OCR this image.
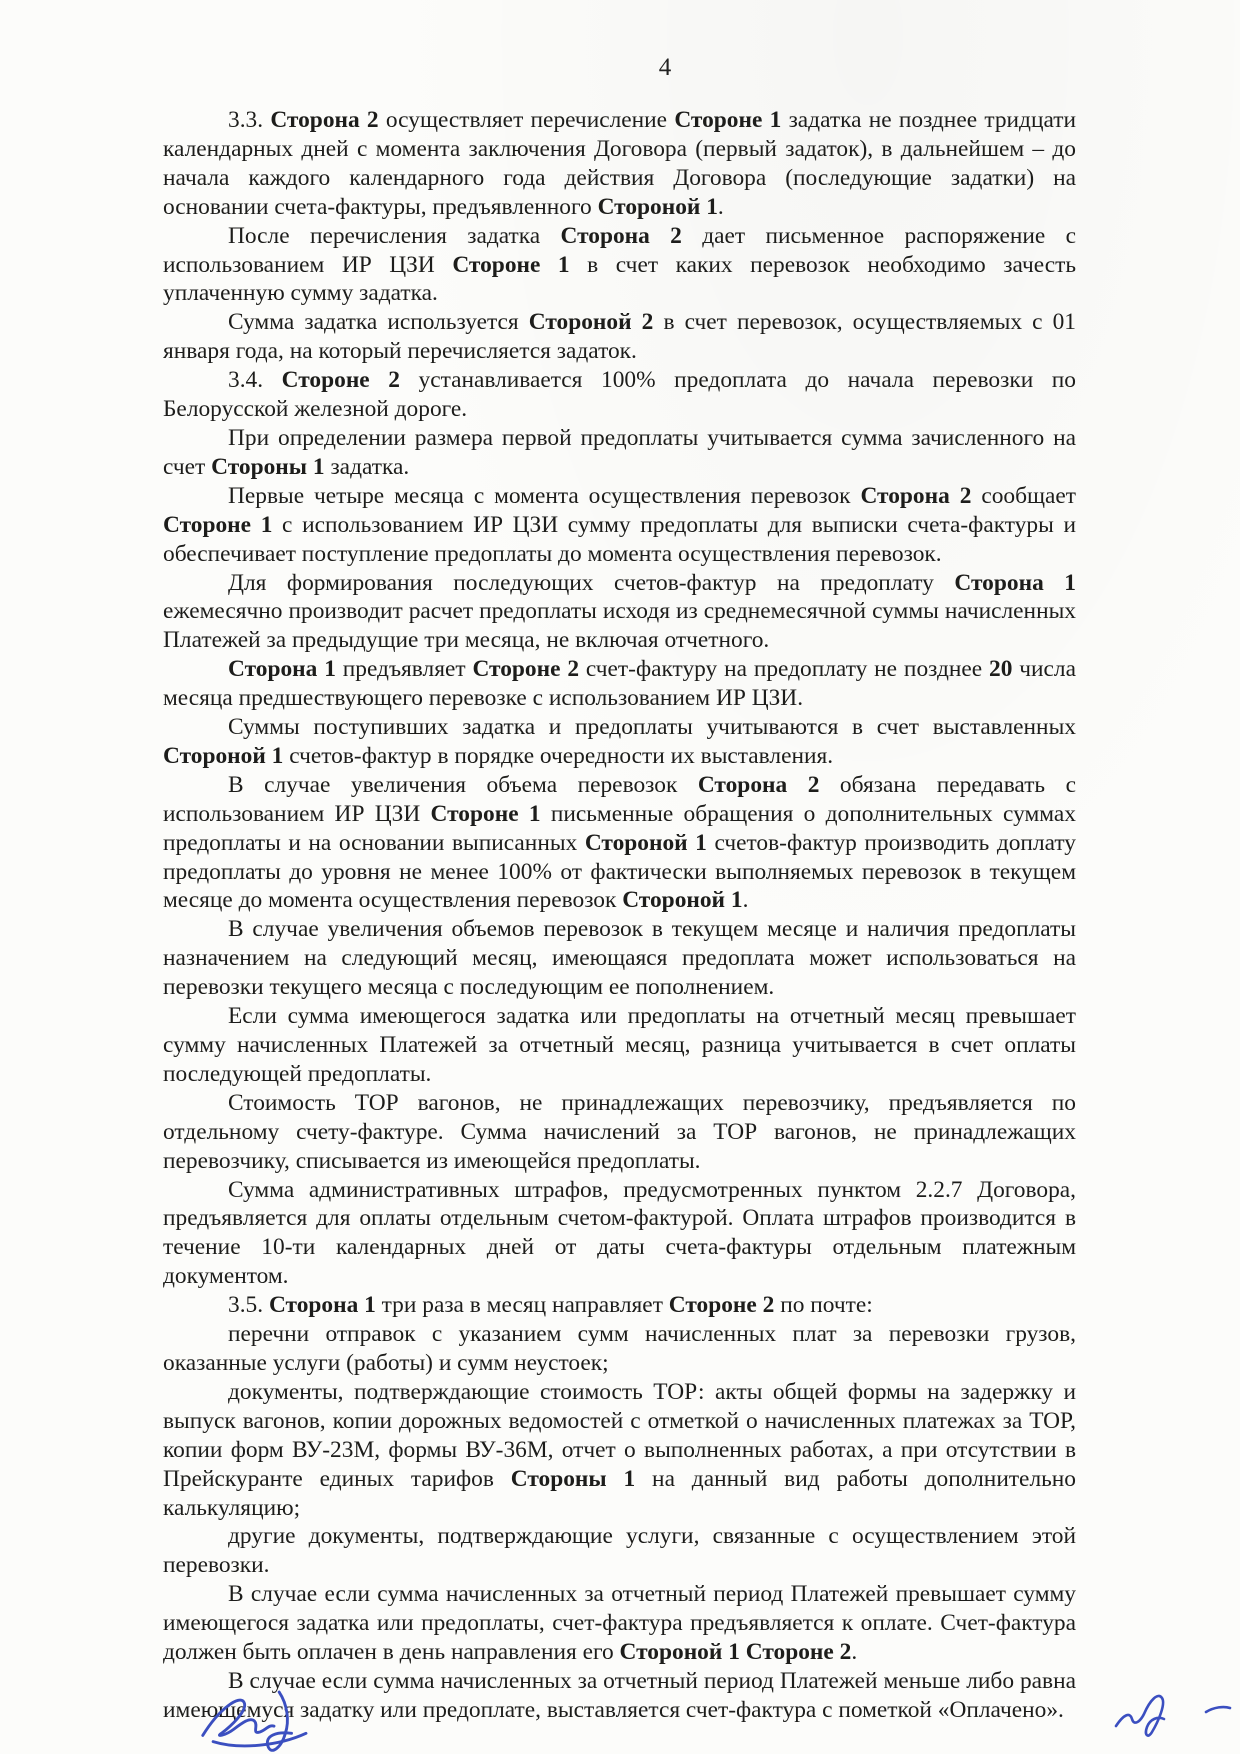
4

3.3. Сторона 2 осуществляет перечисление Стороне 1 задатка не позднее тридцати календарных дней с момента заключения Договора (первый задаток), в дальнейшем – до начала каждого календарного года действия Договора (последующие задатки) на основании счета-фактуры, предъявленного Стороной 1.

После перечисления задатка Сторона 2 дает письменное распоряжение с использованием ИР ЦЗИ Стороне 1 в счет каких перевозок необходимо зачесть уплаченную сумму задатка.

Сумма задатка используется Стороной 2 в счет перевозок, осуществляемых с 01 января года, на который перечисляется задаток.

3.4. Стороне 2 устанавливается 100% предоплата до начала перевозки по Белорусской железной дороге.

При определении размера первой предоплаты учитывается сумма зачисленного на счет Стороны 1 задатка.

Первые четыре месяца с момента осуществления перевозок Сторона 2 сообщает Стороне 1 с использованием ИР ЦЗИ сумму предоплаты для выписки счета-фактуры и обеспечивает поступление предоплаты до момента осуществления перевозок.

Для формирования последующих счетов-фактур на предоплату Сторона 1 ежемесячно производит расчет предоплаты исходя из среднемесячной суммы начисленных Платежей за предыдущие три месяца, не включая отчетного.

Сторона 1 предъявляет Стороне 2 счет-фактуру на предоплату не позднее 20 числа месяца предшествующего перевозке с использованием ИР ЦЗИ.

Суммы поступивших задатка и предоплаты учитываются в счет выставленных Стороной 1 счетов-фактур в порядке очередности их выставления.

В случае увеличения объема перевозок Сторона 2 обязана передавать с использованием ИР ЦЗИ Стороне 1 письменные обращения о дополнительных суммах предоплаты и на основании выписанных Стороной 1 счетов-фактур производить доплату предоплаты до уровня не менее 100% от фактически выполняемых перевозок в текущем месяце до момента осуществления перевозок Стороной 1.

В случае увеличения объемов перевозок в текущем месяце и наличия предоплаты назначением на следующий месяц, имеющаяся предоплата может использоваться на перевозки текущего месяца с последующим ее пополнением.

Если сумма имеющегося задатка или предоплаты на отчетный месяц превышает сумму начисленных Платежей за отчетный месяц, разница учитывается в счет оплаты последующей предоплаты.

Стоимость ТОР вагонов, не принадлежащих перевозчику, предъявляется по отдельному счету-фактуре. Сумма начислений за ТОР вагонов, не принадлежащих перевозчику, списывается из имеющейся предоплаты.

Сумма административных штрафов, предусмотренных пунктом 2.2.7 Договора, предъявляется для оплаты отдельным счетом-фактурой. Оплата штрафов производится в течение 10-ти календарных дней от даты счета-фактуры отдельным платежным документом.

3.5. Сторона 1 три раза в месяц направляет Стороне 2 по почте:

перечни отправок с указанием сумм начисленных плат за перевозки грузов, оказанные услуги (работы) и сумм неустоек;

документы, подтверждающие стоимость ТОР: акты общей формы на задержку и выпуск вагонов, копии дорожных ведомостей с отметкой о начисленных платежах за ТОР, копии форм ВУ-23М, формы ВУ-36М, отчет о выполненных работах, а при отсутствии в Прейскуранте единых тарифов Стороны 1 на данный вид работы дополнительно калькуляцию;

другие документы, подтверждающие услуги, связанные с осуществлением этой перевозки.

В случае если сумма начисленных за отчетный период Платежей превышает сумму имеющегося задатка или предоплаты, счет-фактура предъявляется к оплате. Счет-фактура должен быть оплачен в день направления его Стороной 1 Стороне 2.

В случае если сумма начисленных за отчетный период Платежей меньше либо равна имеющемуся задатку или предоплате, выставляется счет-фактура с пометкой «Оплачено».
